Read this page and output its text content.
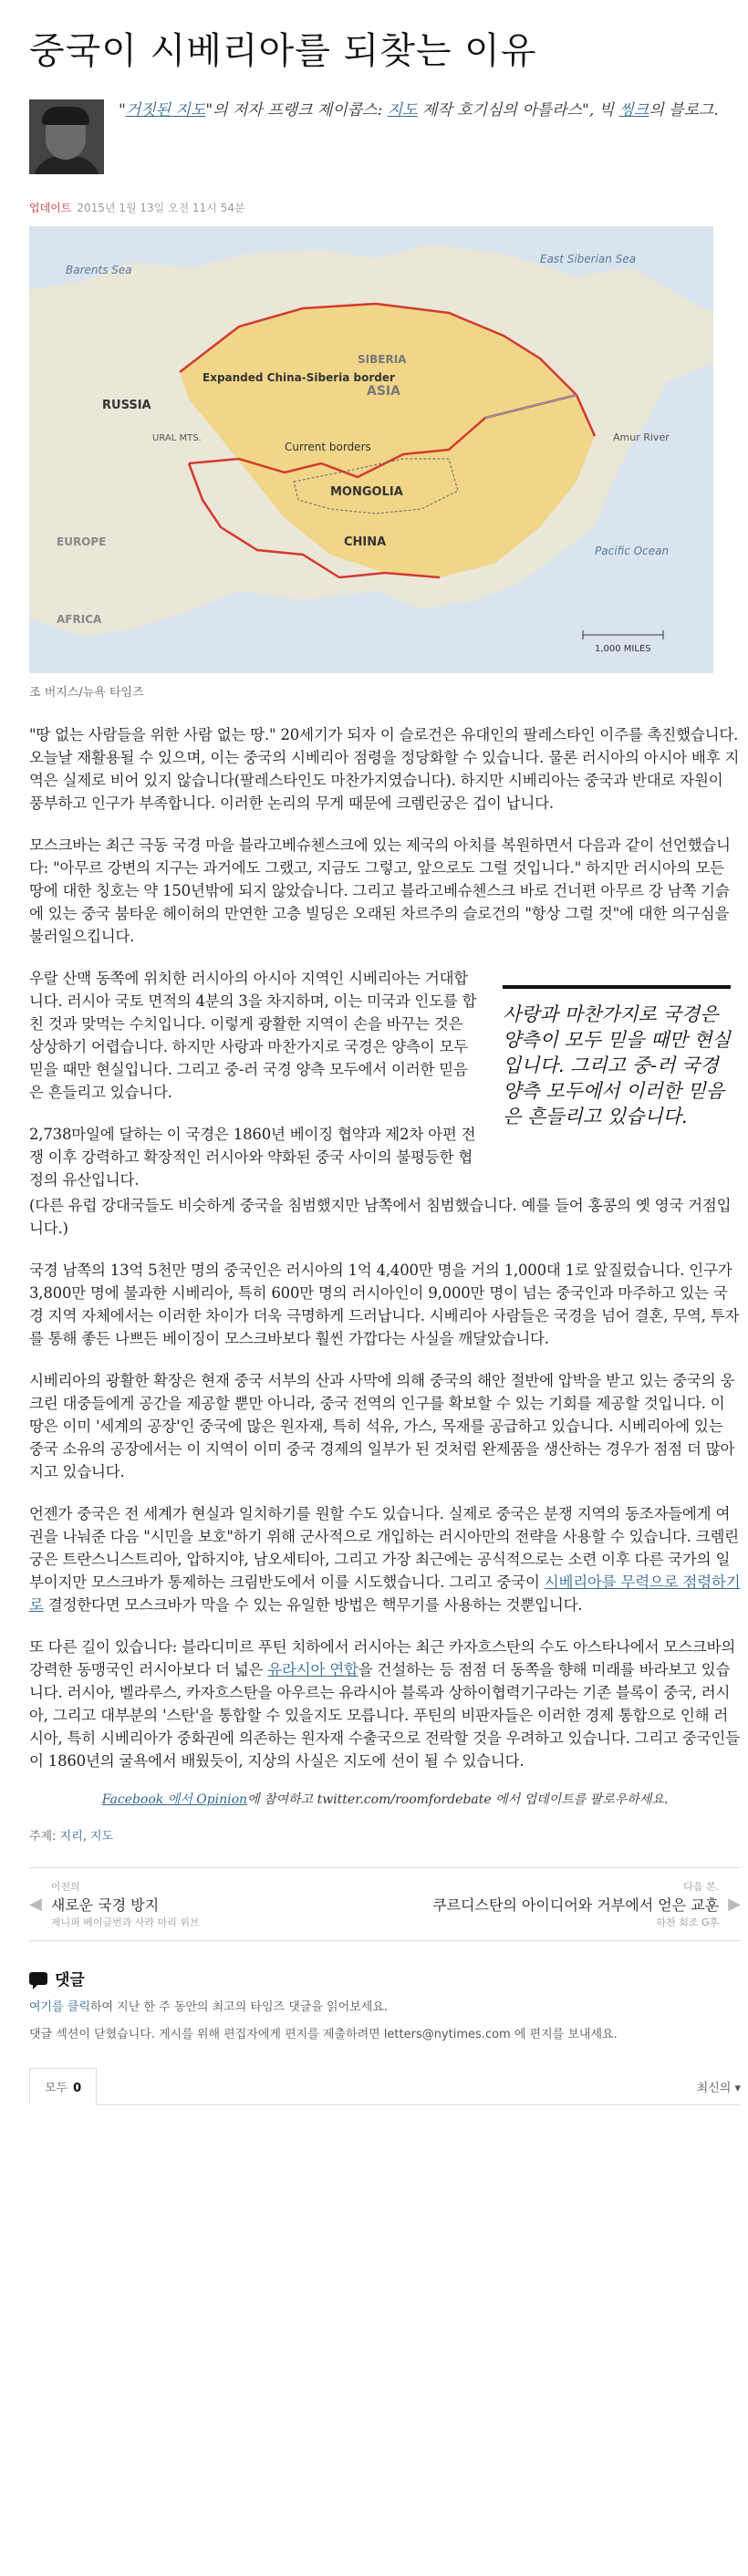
중국이 시베리아를 되찾는 이유
"거짓된 지도"의 저자 프랭크 제이콥스: 지도 제작 호기심의 아틀라스", 빅 씽크의 블로그.
업데이트 2015년 1월 13일 오전 11시 54분
Barents Sea
East Siberian Sea
SIBERIA
ASIA
RUSSIA
URAL MTS.
Expanded China-Siberia border
Current borders
Amur River
MONGOLIA
CHINA
EUROPE
AFRICA
Pacific Ocean
1,000 MILES
조 버지스/뉴욕 타임즈

"땅 없는 사람들을 위한 사람 없는 땅." 20세기가 되자 이 슬로건은 유대인의 팔레스타인 이주를 촉진했습니다. 오늘날 재활용될 수 있으며, 이는 중국의 시베리아 점령을 정당화할 수 있습니다. 물론 러시아의 아시아 배후 지역은 실제로 비어 있지 않습니다(팔레스타인도 마찬가지였습니다). 하지만 시베리아는 중국과 반대로 자원이 풍부하고 인구가 부족합니다. 이러한 논리의 무게 때문에 크렘린궁은 겁이 납니다.

모스크바는 최근 극동 국경 마을 블라고베슈첸스크에 있는 제국의 아치를 복원하면서 다음과 같이 선언했습니다: "아무르 강변의 지구는 과거에도 그랬고, 지금도 그렇고, 앞으로도 그럴 것입니다." 하지만 러시아의 모든 땅에 대한 칭호는 약 150년밖에 되지 않았습니다. 그리고 블라고베슈첸스크 바로 건너편 아무르 강 남쪽 기슭에 있는 중국 붐타운 헤이허의 만연한 고층 빌딩은 오래된 차르주의 슬로건의 "항상 그럴 것"에 대한 의구심을 불러일으킵니다.

우랄 산맥 동쪽에 위치한 러시아의 아시아 지역인 시베리아는 거대합니다. 러시아 국토 면적의 4분의 3을 차지하며, 이는 미국과 인도를 합친 것과 맞먹는 수치입니다. 이렇게 광활한 지역이 손을 바꾸는 것은 상상하기 어렵습니다. 하지만 사랑과 마찬가지로 국경은 양측이 모두 믿을 때만 현실입니다. 그리고 중-러 국경 양측 모두에서 이러한 믿음은 흔들리고 있습니다.

2,738마일에 달하는 이 국경은 1860년 베이징 협약과 제2차 아편 전쟁 이후 강력하고 확장적인 러시아와 약화된 중국 사이의 불평등한 협정의 유산입니다.

사랑과 마찬가지로 국경은 양측이 모두 믿을 때만 현실입니다. 그리고 중-러 국경 양측 모두에서 이러한 믿음은 흔들리고 있습니다.

(다른 유럽 강대국들도 비슷하게 중국을 침범했지만 남쪽에서 침범했습니다. 예를 들어 홍콩의 옛 영국 거점입니다.)

국경 남쪽의 13억 5천만 명의 중국인은 러시아의 1억 4,400만 명을 거의 1,000대 1로 앞질렀습니다. 인구가 3,800만 명에 불과한 시베리아, 특히 600만 명의 러시아인이 9,000만 명이 넘는 중국인과 마주하고 있는 국경 지역 자체에서는 이러한 차이가 더욱 극명하게 드러납니다. 시베리아 사람들은 국경을 넘어 결혼, 무역, 투자를 통해 좋든 나쁘든 베이징이 모스크바보다 훨씬 가깝다는 사실을 깨달았습니다.

시베리아의 광활한 확장은 현재 중국 서부의 산과 사막에 의해 중국의 해안 절반에 압박을 받고 있는 중국의 웅크린 대중들에게 공간을 제공할 뿐만 아니라, 중국 전역의 인구를 확보할 수 있는 기회를 제공할 것입니다. 이 땅은 이미 '세계의 공장'인 중국에 많은 원자재, 특히 석유, 가스, 목재를 공급하고 있습니다. 시베리아에 있는 중국 소유의 공장에서는 이 지역이 이미 중국 경제의 일부가 된 것처럼 완제품을 생산하는 경우가 점점 더 많아지고 있습니다.

언젠가 중국은 전 세계가 현실과 일치하기를 원할 수도 있습니다. 실제로 중국은 분쟁 지역의 동조자들에게 여권을 나눠준 다음 "시민을 보호"하기 위해 군사적으로 개입하는 러시아만의 전략을 사용할 수 있습니다. 크렘린궁은 트란스니스트리아, 압하지야, 남오세티아, 그리고 가장 최근에는 공식적으로는 소련 이후 다른 국가의 일부이지만 모스크바가 통제하는 크림반도에서 이를 시도했습니다. 그리고 중국이 시베리아를 무력으로 점령하기로 결정한다면 모스크바가 막을 수 있는 유일한 방법은 핵무기를 사용하는 것뿐입니다.

또 다른 길이 있습니다: 블라디미르 푸틴 치하에서 러시아는 최근 카자흐스탄의 수도 아스타나에서 모스크바의 강력한 동맹국인 러시아보다 더 넓은 유라시아 연합을 건설하는 등 점점 더 동쪽을 향해 미래를 바라보고 있습니다. 러시아, 벨라루스, 카자흐스탄을 아우르는 유라시아 블록과 상하이협력기구라는 기존 블록이 중국, 러시아, 그리고 대부분의 '스탄'을 통합할 수 있을지도 모릅니다. 푸틴의 비판자들은 이러한 경제 통합으로 인해 러시아, 특히 시베리아가 중화권에 의존하는 원자재 수출국으로 전락할 것을 우려하고 있습니다. 그리고 중국인들이 1860년의 굴욕에서 배웠듯이, 지상의 사실은 지도에 선이 될 수 있습니다.

Facebook 에서 Opinion에 참여하고 twitter.com/roomfordebate 에서 업데이트를 팔로우하세요.
주제: 지리, 지도
◀
이전의
새로운 국경 방지
제니퍼 베이글번과 사라 마리 위브
다음 본.
쿠르디스탄의 아이디어와 거부에서 얻은 교훈
하찬 회조 G후
▶
댓글
여기를 클릭하여 지난 한 주 동안의 최고의 타임즈 댓글을 읽어보세요.
댓글 섹션이 닫혔습니다. 게시를 위해 편집자에게 편지를 제출하려면 letters@nytimes.com 에 편지를 보내세요.
모두 0	최신의 ▾
